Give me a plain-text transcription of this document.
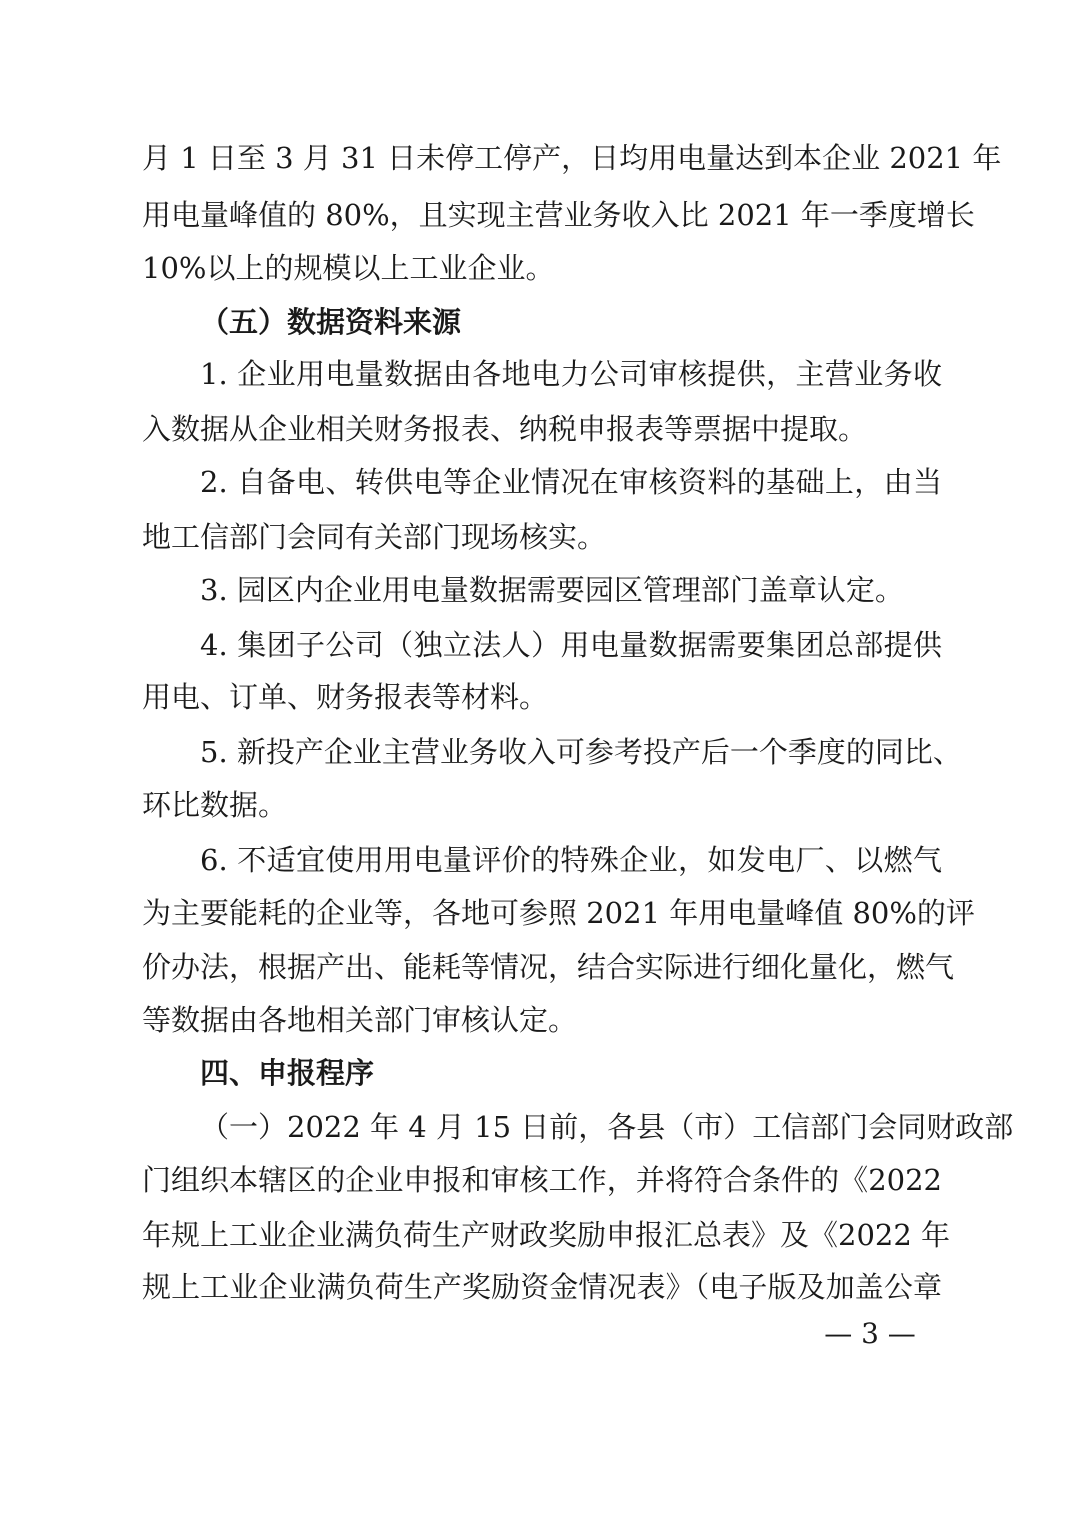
月 1 日至 3 月 31 日未停工停产，日均用电量达到本企业 2021 年
用电量峰值的 80%，且实现主营业务收入比 2021 年一季度增长
10%以上的规模以上工业企业。
（五）数据资料来源
1. 企业用电量数据由各地电力公司审核提供，主营业务收
入数据从企业相关财务报表、纳税申报表等票据中提取。
2. 自备电、转供电等企业情况在审核资料的基础上，由当
地工信部门会同有关部门现场核实。
3. 园区内企业用电量数据需要园区管理部门盖章认定。
4. 集团子公司（独立法人）用电量数据需要集团总部提供
用电、订单、财务报表等材料。
5. 新投产企业主营业务收入可参考投产后一个季度的同比、
环比数据。
6. 不适宜使用用电量评价的特殊企业，如发电厂、以燃气
为主要能耗的企业等，各地可参照 2021 年用电量峰值 80%的评
价办法，根据产出、能耗等情况，结合实际进行细化量化，燃气
等数据由各地相关部门审核认定。
四、申报程序
（一）2022 年 4 月 15 日前，各县（市）工信部门会同财政部
门组织本辖区的企业申报和审核工作，并将符合条件的《2022
年规上工业企业满负荷生产财政奖励申报汇总表》及《2022 年
规上工业企业满负荷生产奖励资金情况表》（电子版及加盖公章
— 3 —
